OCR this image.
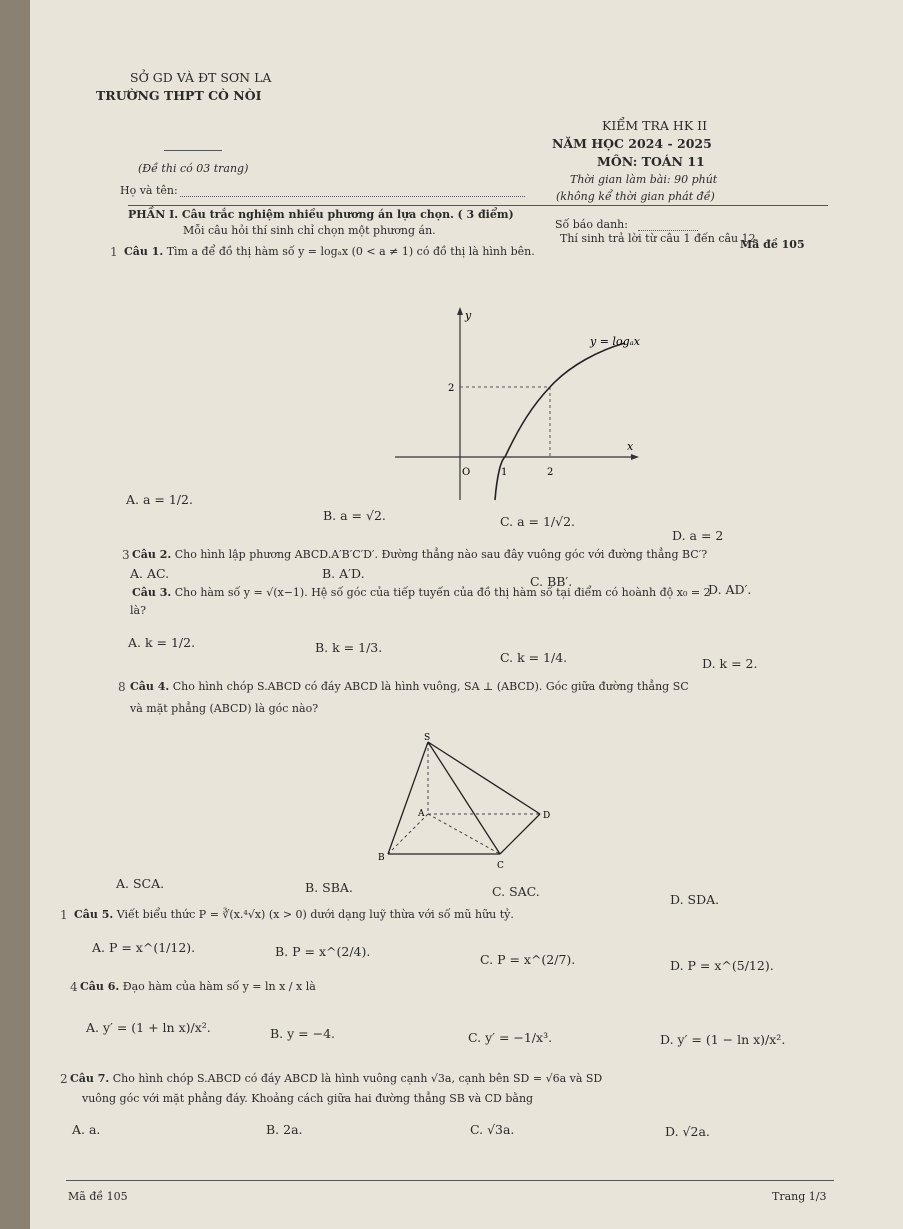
SỞ GD VÀ ĐT SƠN LA
TRƯỜNG THPT CÒ NÒI
(Đề thi có 03 trang)
KIỂM TRA HK II
NĂM HỌC 2024 - 2025
MÔN: TOÁN 11
Thời gian làm bài: 90 phút
(không kể thời gian phát đề)
Họ và tên:
Số báo danh:
Mã đề 105
PHẦN I. Câu trắc nghiệm nhiều phương án lựa chọn. ( 3 điểm)
Thí sinh trả lời từ câu 1 đến câu 12.
Mỗi câu hỏi thí sinh chỉ chọn một phương án.
1 Câu 1. Tìm a để đồ thị hàm số y = logₐx (0 < a ≠ 1) có đồ thị là hình bên.
y
x
y = logₐx
O	1	2
2
A. a = 1/2.
B. a = √2.	C. a = 1/√2.
D. a = 2
3 Câu 2. Cho hình lập phương ABCD.A′B′C′D′. Đường thẳng nào sau đây vuông góc với đường thẳng BC′?
A. AC.	B. A′D.
C. BB′.
D. AD′.
Câu 3. Cho hàm số y = √(x−1). Hệ số góc của tiếp tuyến của đồ thị hàm số tại điểm có hoành độ x₀ = 2
là?
A. k = 1/2.	B. k = 1/3.
C. k = 1/4.	D. k = 2.
8 Câu 4. Cho hình chóp S.ABCD có đáy ABCD là hình vuông, SA ⊥ (ABCD). Góc giữa đường thẳng SC
và mặt phẳng (ABCD) là góc nào?
S
A
B
C
D
A. SCA.	B. SBA.	C. SAC.
D. SDA.
1 Câu 5. Viết biểu thức P = ∛(x.⁴√x) (x > 0) dưới dạng luỹ thừa với số mũ hữu tỷ.
A. P = x^(1/12).	B. P = x^(2/4).
C. P = x^(2/7).	D. P = x^(5/12).
4 Câu 6. Đạo hàm của hàm số y = ln x / x là
A. y′ = (1 + ln x)/x².	B. y = −4.	C. y′ = −1/x³.	D. y′ = (1 − ln x)/x².
2 Câu 7. Cho hình chóp S.ABCD có đáy ABCD là hình vuông cạnh √3a, cạnh bên SD = √6a và SD
vuông góc với mặt phẳng đáy. Khoảng cách giữa hai đường thẳng SB và CD bằng
A. a.	B. 2a.	C. √3a.	D. √2a.
Mã đề 105	Trang 1/3
